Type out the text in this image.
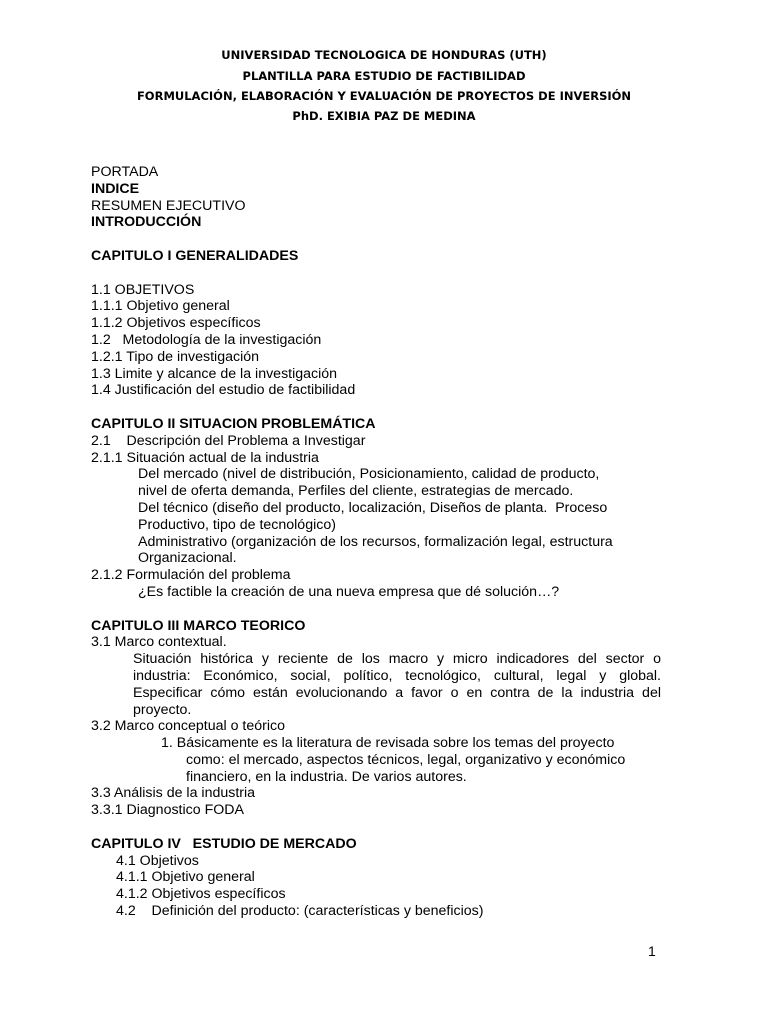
UNIVERSIDAD TECNOLOGICA DE HONDURAS (UTH)
PLANTILLA PARA ESTUDIO DE FACTIBILIDAD
FORMULACIÓN, ELABORACIÓN Y EVALUACIÓN DE PROYECTOS DE INVERSIÓN
PhD. EXIBIA PAZ DE MEDINA
PORTADA
INDICE
RESUMEN EJECUTIVO
INTRODUCCIÓN
CAPITULO I GENERALIDADES
1.1 OBJETIVOS
1.1.1 Objetivo general
1.1.2 Objetivos específicos
1.2   Metodología de la investigación
1.2.1 Tipo de investigación
1.3 Limite y alcance de la investigación
1.4 Justificación del estudio de factibilidad
CAPITULO II SITUACION PROBLEMÁTICA
2.1    Descripción del Problema a Investigar
2.1.1 Situación actual de la industria
Del mercado (nivel de distribución, Posicionamiento, calidad de producto,
nivel de oferta demanda, Perfiles del cliente, estrategias de mercado.
Del técnico (diseño del producto, localización, Diseños de planta.  Proceso
Productivo, tipo de tecnológico)
Administrativo (organización de los recursos, formalización legal, estructura
Organizacional.
2.1.2 Formulación del problema
¿Es factible la creación de una nueva empresa que dé solución…?
CAPITULO III MARCO TEORICO
3.1 Marco contextual.
Situación histórica y reciente de los macro y micro indicadores del sector o industria: Económico, social, político, tecnológico, cultural, legal y global. Especificar cómo están evolucionando a favor o en contra de la industria del proyecto.
3.2 Marco conceptual o teórico
1. Básicamente es la literatura de revisada sobre los temas del proyecto
como: el mercado, aspectos técnicos, legal, organizativo y económico
financiero, en la industria. De varios autores.
3.3 Análisis de la industria
3.3.1 Diagnostico FODA
CAPITULO IV   ESTUDIO DE MERCADO
4.1 Objetivos
4.1.1 Objetivo general
4.1.2 Objetivos específicos
4.2    Definición del producto: (características y beneficios)
1
